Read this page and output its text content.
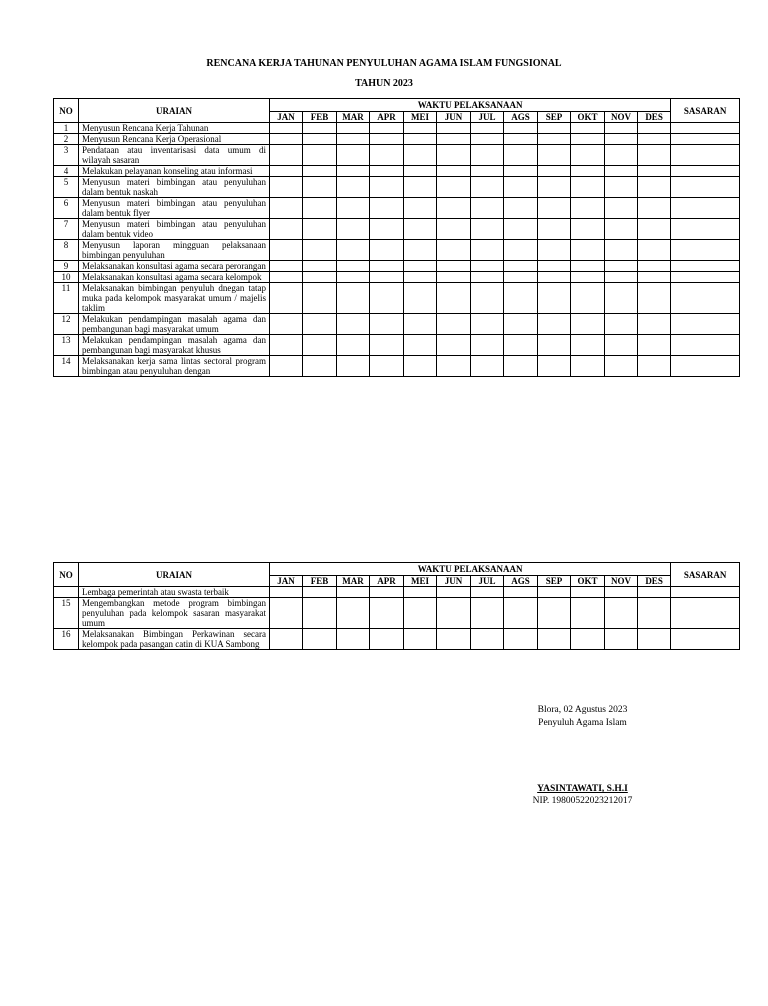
RENCANA KERJA TAHUNAN PENYULUHAN AGAMA ISLAM FUNGSIONAL
TAHUN 2023
NO	URAIAN	WAKTU PELAKSANAAN												SASARAN
		JAN	FEB	MAR	APR	MEI	JUN	JUL	AGS	SEP	OKT	NOV	DES	
1	Menyusun Rencana Kerja Tahunan													
2	Menyusun Rencana Kerja Operasional													
3	Pendataan atau inventarisasi data umum di wilayah sasaran													
4	Melakukan pelayanan konseling atau informasi													
5	Menyusun materi bimbingan atau penyuluhan dalam bentuk naskah													
6	Menyusun materi bimbingan atau penyuluhan dalam bentuk flyer													
7	Menyusun materi bimbingan atau penyuluhan dalam bentuk video													
8	Menyusun laporan mingguan pelaksanaan bimbingan penyuluhan													
9	Melaksanakan konsultasi agama secara perorangan													
10	Melaksanakan konsultasi agama secara kelompok													
11	Melaksanakan bimbingan penyuluh dnegan tatap muka pada kelompok masyarakat umum / majelis taklim													
12	Melakukan pendampingan masalah agama dan pembangunan bagi masyarakat umum													
13	Melakukan pendampingan masalah agama dan pembangunan bagi masyarakat khusus													
14	Melaksanakan kerja sama lintas sectoral program bimbingan atau penyuluhan dengan													
NO	URAIAN	WAKTU PELAKSANAAN												SASARAN
		JAN	FEB	MAR	APR	MEI	JUN	JUL	AGS	SEP	OKT	NOV	DES	
	Lembaga pemerintah atau swasta terbaik													
15	Mengembangkan metode program bimbingan penyuluhan pada kelompok sasaran masyarakat umum													
16	Melaksanakan Bimbingan Perkawinan secara kelompok pada pasangan catin di KUA Sambong													
Blora, 02 Agustus 2023
Penyuluh Agama Islam
YASINTAWATI, S.H.I
NIP. 19800522023212017
